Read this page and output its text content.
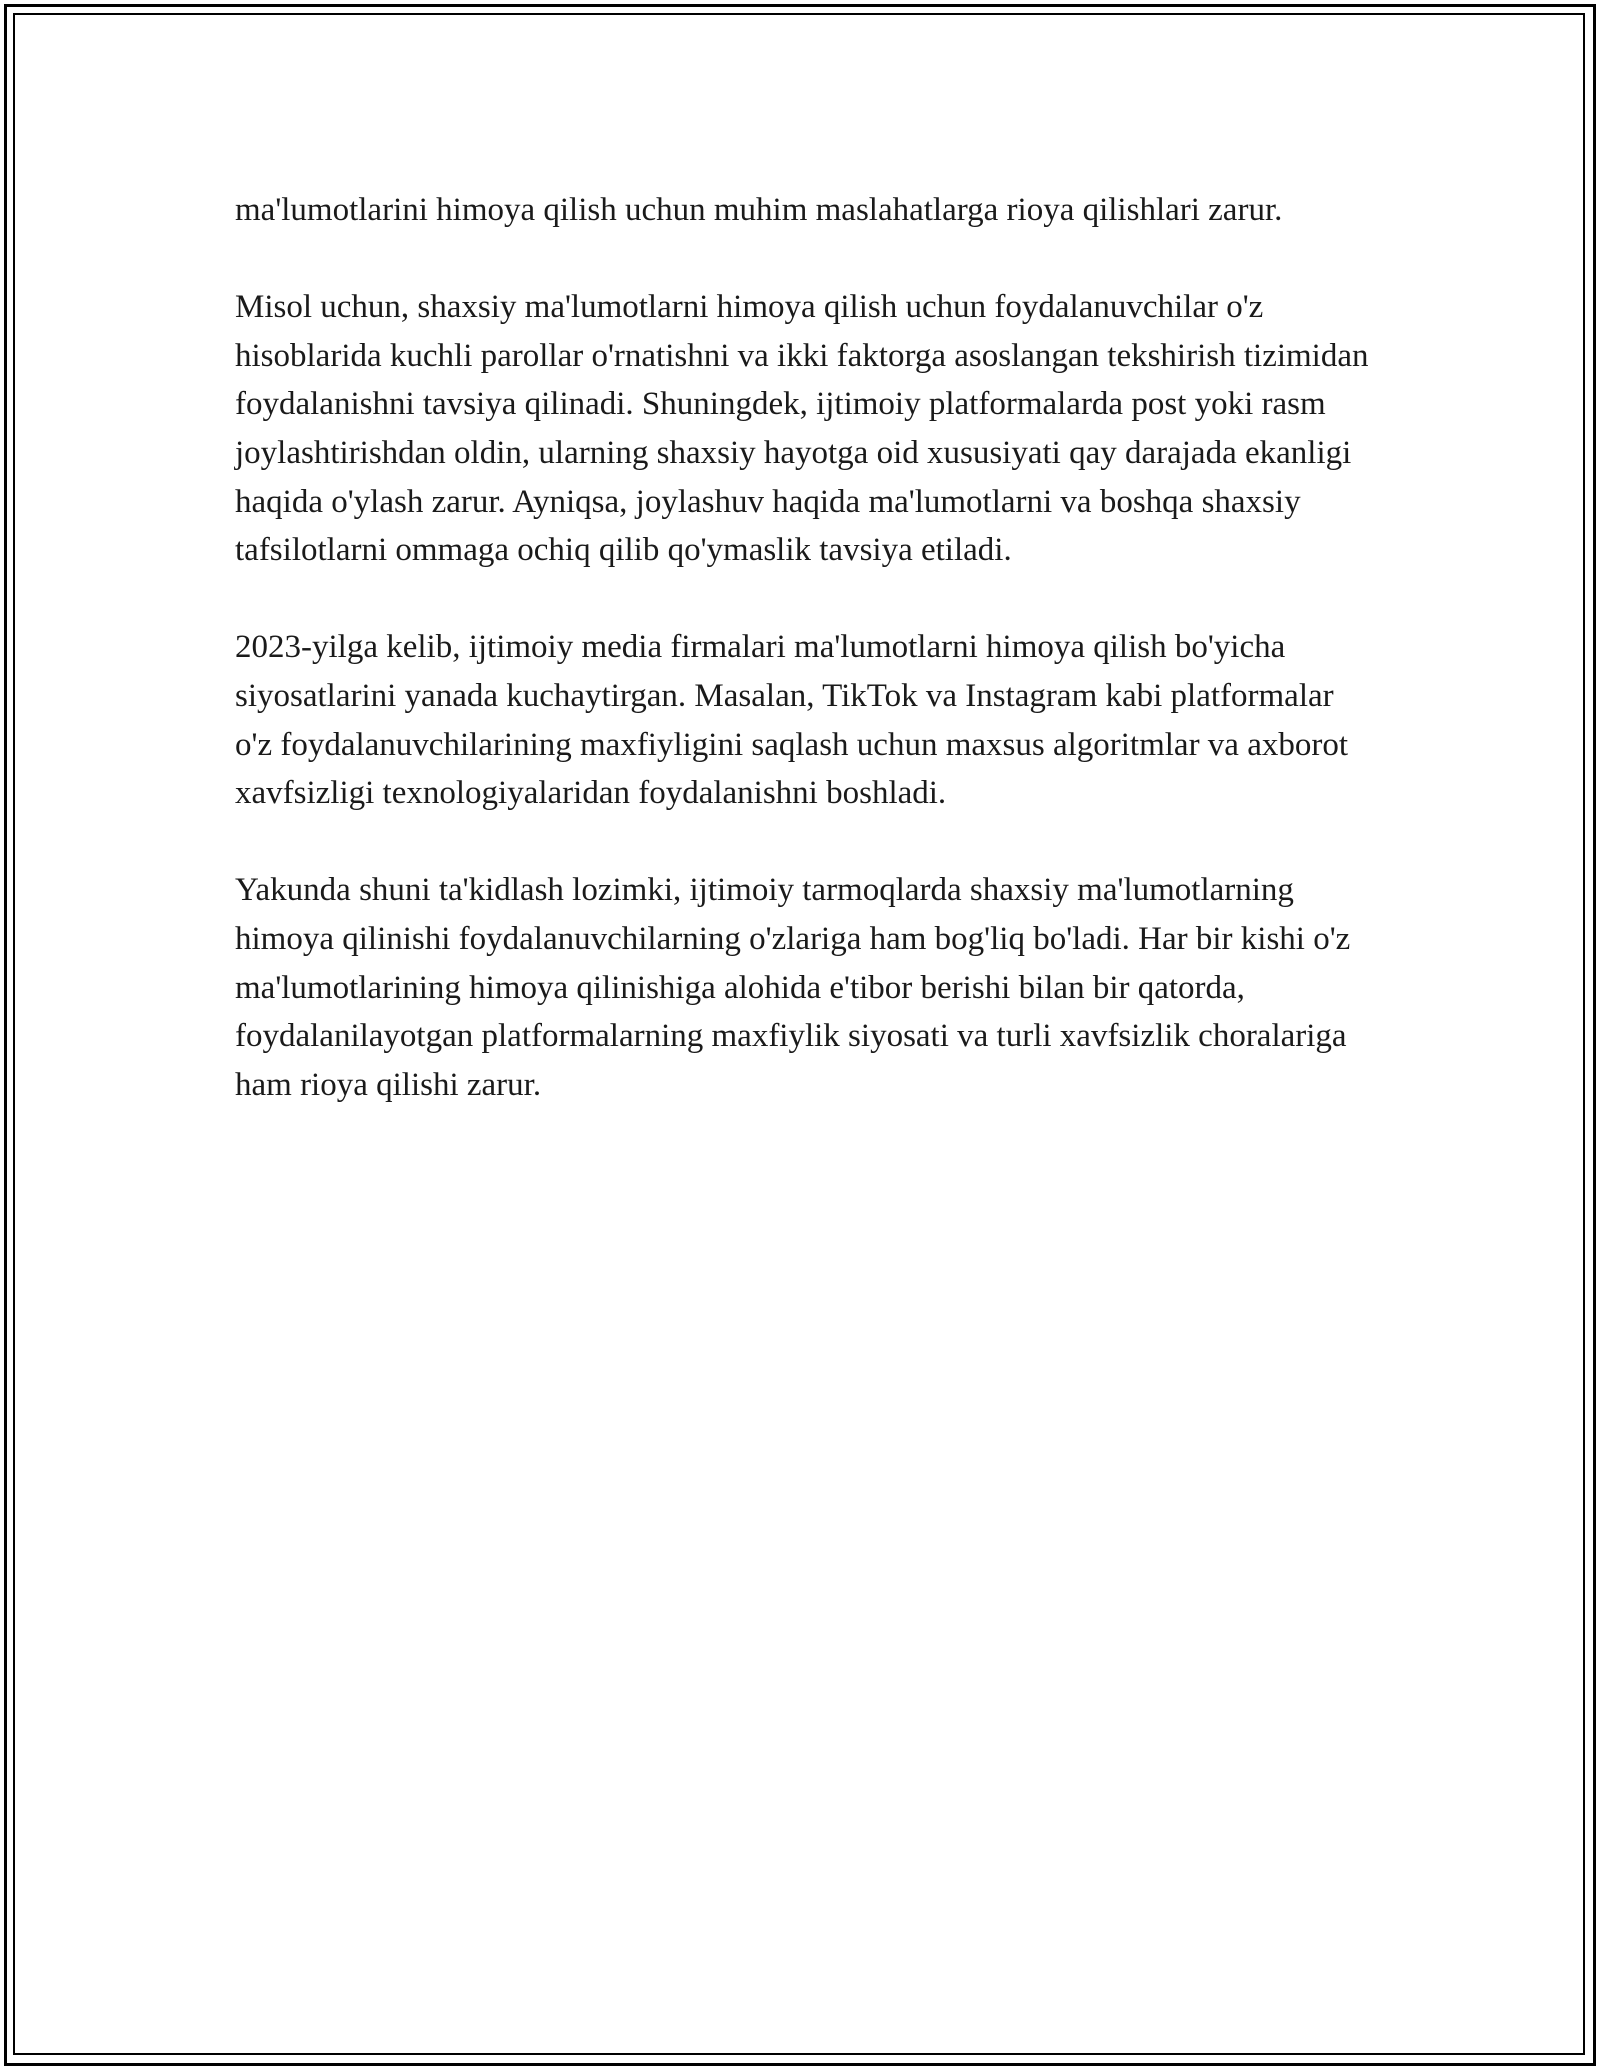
ma'lumotlarini himoya qilish uchun muhim maslahatlarga rioya qilishlari zarur.

Misol uchun, shaxsiy ma'lumotlarni himoya qilish uchun foydalanuvchilar o'z hisoblarida kuchli parollar o'rnatishni va ikki faktorga asoslangan tekshirish tizimidan foydalanishni tavsiya qilinadi. Shuningdek, ijtimoiy platformalarda post yoki rasm joylashtirishdan oldin, ularning shaxsiy hayotga oid xususiyati qay darajada ekanligi haqida o'ylash zarur. Ayniqsa, joylashuv haqida ma'lumotlarni va boshqa shaxsiy tafsilotlarni ommaga ochiq qilib qo'ymaslik tavsiya etiladi.

2023-yilga kelib, ijtimoiy media firmalari ma'lumotlarni himoya qilish bo'yicha siyosatlarini yanada kuchaytirgan. Masalan, TikTok va Instagram kabi platformalar o'z foydalanuvchilarining maxfiyligini saqlash uchun maxsus algoritmlar va axborot xavfsizligi texnologiyalaridan foydalanishni boshladi.

Yakunda shuni ta'kidlash lozimki, ijtimoiy tarmoqlarda shaxsiy ma'lumotlarning himoya qilinishi foydalanuvchilarning o'zlariga ham bog'liq bo'ladi. Har bir kishi o'z ma'lumotlarining himoya qilinishiga alohida e'tibor berishi bilan bir qatorda, foydalanilayotgan platformalarning maxfiylik siyosati va turli xavfsizlik choralariga ham rioya qilishi zarur.
